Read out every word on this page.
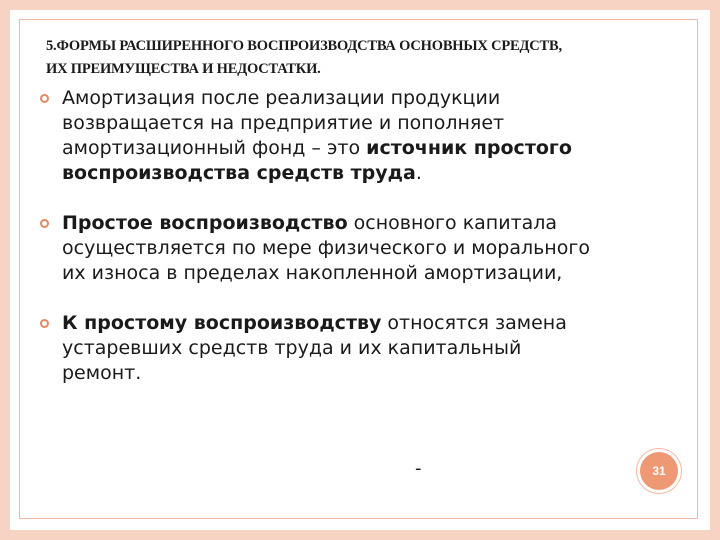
5.ФОРМЫ РАСШИРЕННОГО ВОСПРОИЗВОДСТВА ОСНОВНЫХ СРЕДСТВ, ИХ ПРЕИМУЩЕСТВА И НЕДОСТАТКИ.
Амортизация после реализации продукции возвращается на предприятие и пополняет амортизационный фонд – это источник простого воспроизводства средств труда.
Простое воспроизводство основного капитала осуществляется по мере физического и морального их износа в пределах накопленной амортизации,
К простому воспроизводству относятся замена устаревших средств труда и их капитальный ремонт.
-	31
